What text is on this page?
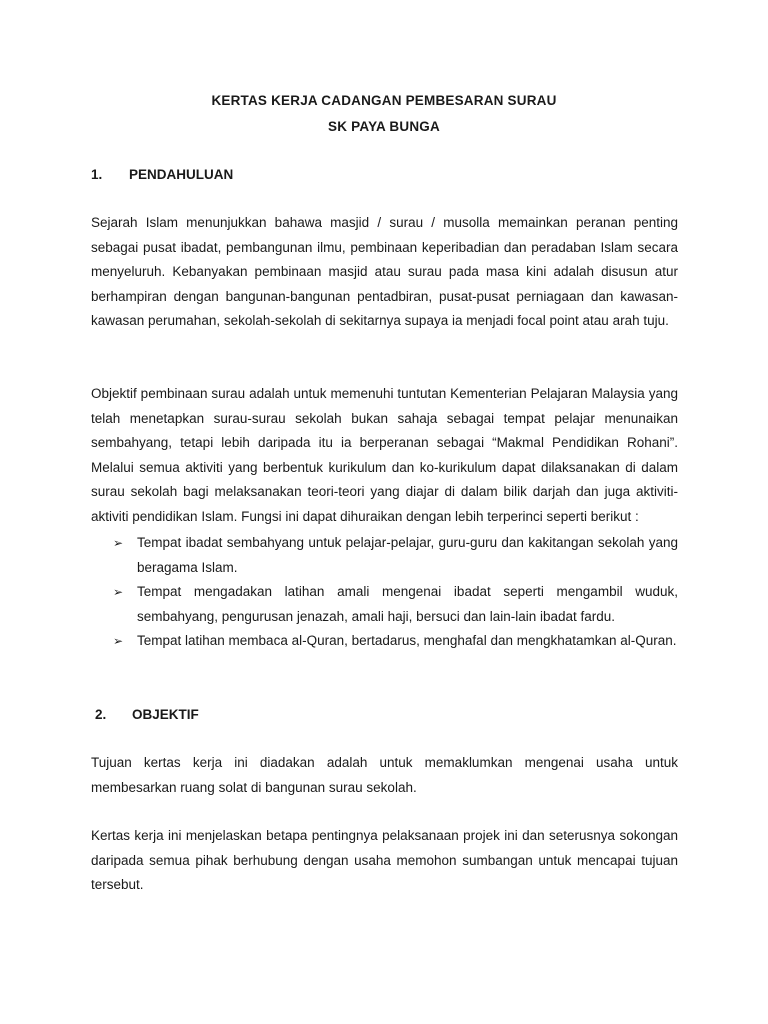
KERTAS KERJA CADANGAN PEMBESARAN SURAU
SK PAYA BUNGA
1. PENDAHULUAN
Sejarah Islam menunjukkan bahawa masjid / surau / musolla memainkan peranan penting sebagai pusat ibadat, pembangunan ilmu, pembinaan keperibadian dan peradaban Islam secara menyeluruh. Kebanyakan pembinaan masjid atau surau pada masa kini adalah disusun atur berhampiran dengan bangunan-bangunan pentadbiran, pusat-pusat perniagaan dan kawasan-kawasan perumahan, sekolah-sekolah di sekitarnya supaya ia menjadi focal point atau arah tuju.
Objektif pembinaan surau adalah untuk memenuhi tuntutan Kementerian Pelajaran Malaysia yang telah menetapkan surau-surau sekolah bukan sahaja sebagai tempat pelajar menunaikan sembahyang, tetapi lebih daripada itu ia berperanan sebagai “Makmal Pendidikan Rohani”. Melalui semua aktiviti yang berbentuk kurikulum dan ko-kurikulum dapat dilaksanakan di dalam surau sekolah bagi melaksanakan teori-teori yang diajar di dalam bilik darjah dan juga aktiviti-aktiviti pendidikan Islam. Fungsi ini dapat dihuraikan dengan lebih terperinci seperti berikut :
➢ Tempat ibadat sembahyang untuk pelajar-pelajar, guru-guru dan kakitangan sekolah yang beragama Islam.
➢ Tempat mengadakan latihan amali mengenai ibadat seperti mengambil wuduk, sembahyang, pengurusan jenazah, amali haji, bersuci dan lain-lain ibadat fardu.
➢ Tempat latihan membaca al-Quran, bertadarus, menghafal dan mengkhatamkan al-Quran.
2. OBJEKTIF
Tujuan kertas kerja ini diadakan adalah untuk memaklumkan mengenai usaha untuk membesarkan ruang solat di bangunan surau sekolah.
Kertas kerja ini menjelaskan betapa pentingnya pelaksanaan projek ini dan seterusnya sokongan daripada semua pihak berhubung dengan usaha memohon sumbangan untuk mencapai tujuan tersebut.
